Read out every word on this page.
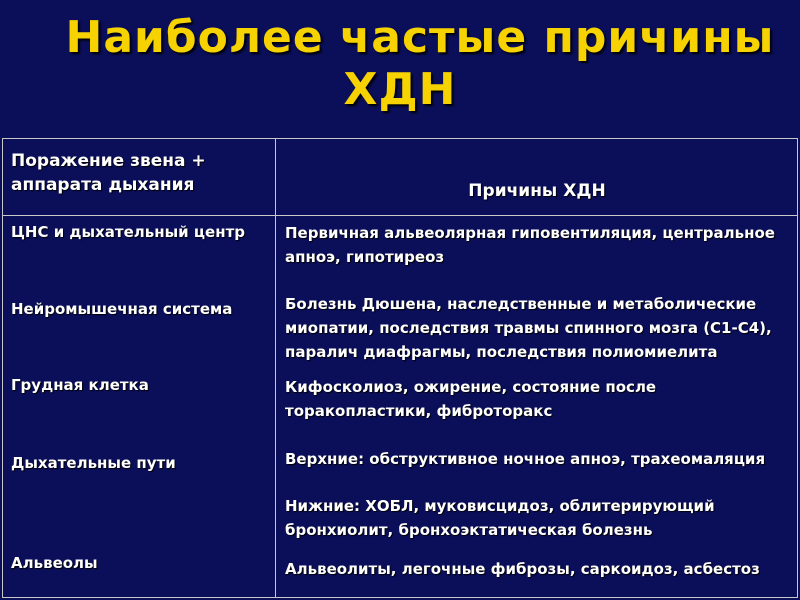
Наиболее частые причины
ХДН
Поражение звена + аппарата дыхания	Причины ХДН
ЦНС и дыхательный центр	Первичная альвеолярная гиповентиляция, центральное апноэ, гипотиреоз
Нейромышечная система	Болезнь Дюшена, наследственные и метаболические миопатии, последствия травмы спинного мозга (С1-С4), паралич диафрагмы, последствия полиомиелита
Грудная клетка	Кифосколиоз, ожирение, состояние после торакопластики, фиброторакс
Дыхательные пути	Верхние: обструктивное ночное апноэ, трахеомаляция
Нижние: ХОБЛ, муковисцидоз, облитерирующий бронхиолит, бронхоэктатическая болезнь
Альвеолы	Альвеолиты, легочные фиброзы, саркоидоз, асбестоз
